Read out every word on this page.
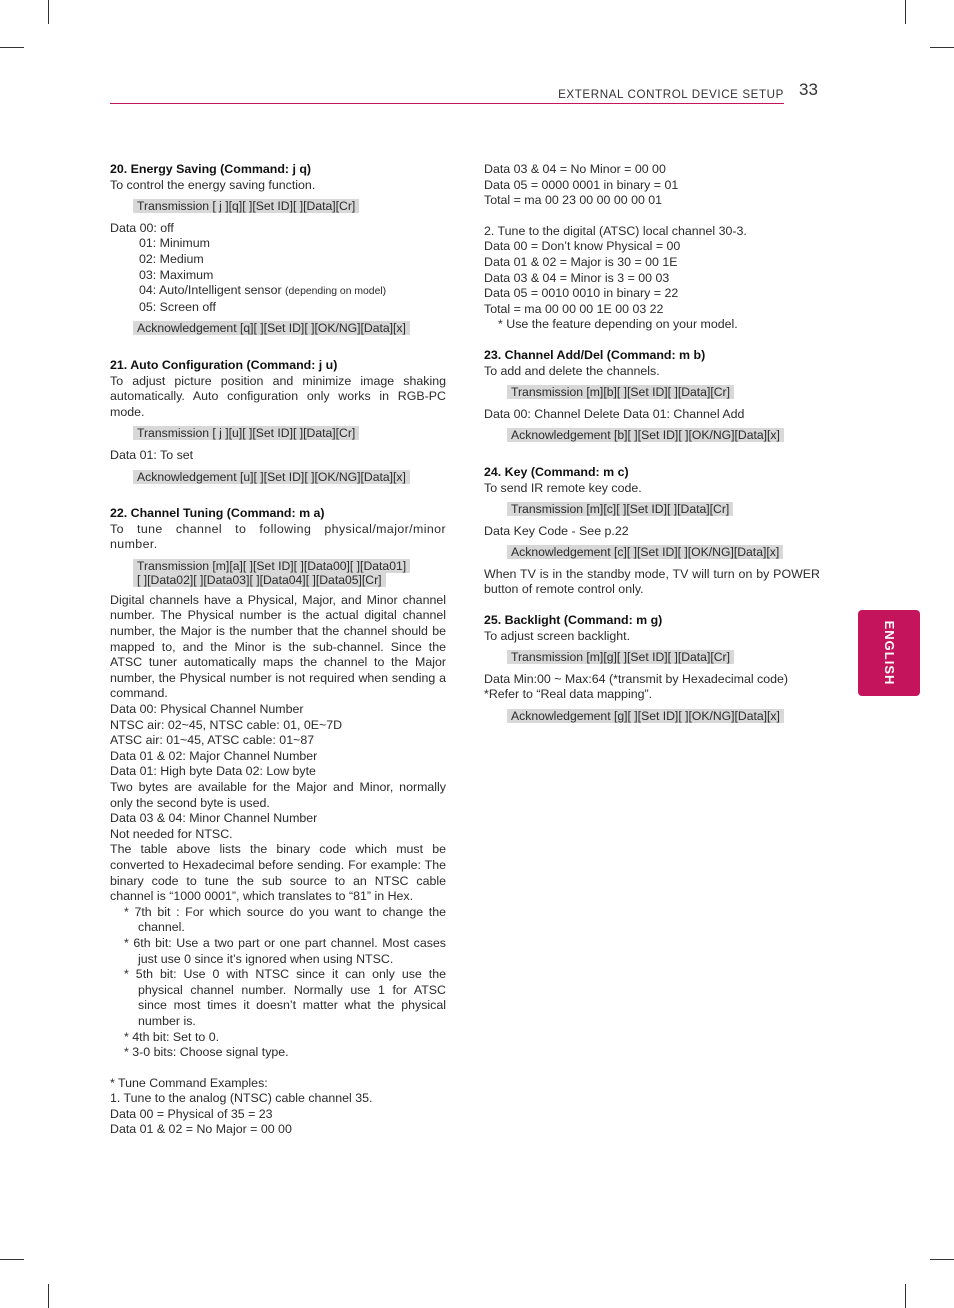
EXTERNAL CONTROL DEVICE SETUP 33
ENGLISH

20. Energy Saving (Command: j q)

To control the energy saving function.

Transmission [ j ][q][ ][Set ID][ ][Data][Cr]

Data 00: off

01: Minimum

02: Medium

03: Maximum

04: Auto/Intelligent sensor (depending on model)

05: Screen off

Acknowledgement [q][ ][Set ID][ ][OK/NG][Data][x]

21. Auto Configuration (Command: j u)

To adjust picture position and minimize image shaking automatically. Auto configuration only works in RGB-PC mode.

Transmission [ j ][u][ ][Set ID][ ][Data][Cr]

Data 01: To set

Acknowledgement [u][ ][Set ID][ ][OK/NG][Data][x]

22. Channel Tuning (Command: m a)

To tune channel to following physical/major/minor number.

Transmission [m][a][ ][Set ID][ ][Data00][ ][Data01]
[ ][Data02][ ][Data03][ ][Data04][ ][Data05][Cr]

Digital channels have a Physical, Major, and Minor channel number. The Physical number is the actual digital channel number, the Major is the number that the channel should be mapped to, and the Minor is the sub-channel. Since the ATSC tuner automatically maps the channel to the Major number, the Physical number is not required when sending a command.

Data 00: Physical Channel Number

NTSC air: 02~45, NTSC cable: 01, 0E~7D

ATSC air: 01~45, ATSC cable: 01~87

Data 01 & 02: Major Channel Number

Data 01: High byte Data 02: Low byte

Two bytes are available for the Major and Minor, normally only the second byte is used.

Data 03 & 04: Minor Channel Number

Not needed for NTSC.

The table above lists the binary code which must be converted to Hexadecimal before sending. For example: The binary code to tune the sub source to an NTSC cable channel is “1000 0001”, which translates to “81” in Hex.

* 7th bit : For which source do you want to change the channel.

* 6th bit: Use a two part or one part channel. Most cases just use 0 since it’s ignored when using NTSC.

* 5th bit: Use 0 with NTSC since it can only use the physical channel number. Normally use 1 for ATSC since most times it doesn’t matter what the physical number is.

* 4th bit: Set to 0.

* 3-0 bits: Choose signal type.

* Tune Command Examples:

1. Tune to the analog (NTSC) cable channel 35.

Data 00 = Physical of 35 = 23

Data 01 & 02 = No Major = 00 00

Data 03 & 04 = No Minor = 00 00

Data 05 = 0000 0001 in binary = 01

Total = ma 00 23 00 00 00 00 01

2. Tune to the digital (ATSC) local channel 30-3.

Data 00 = Don’t know Physical = 00

Data 01 & 02 = Major is 30 = 00 1E

Data 03 & 04 = Minor is 3 = 00 03

Data 05 = 0010 0010 in binary = 22

Total = ma 00 00 00 1E 00 03 22

* Use the feature depending on your model.

23. Channel Add/Del (Command: m b)

To add and delete the channels.

Transmission [m][b][ ][Set ID][ ][Data][Cr]

Data 00: Channel Delete Data 01: Channel Add

Acknowledgement [b][ ][Set ID][ ][OK/NG][Data][x]

24. Key (Command: m c)

To send IR remote key code.

Transmission [m][c][ ][Set ID][ ][Data][Cr]

Data Key Code - See p.22

Acknowledgement [c][ ][Set ID][ ][OK/NG][Data][x]

When TV is in the standby mode, TV will turn on by POWER button of remote control only.

25. Backlight (Command: m g)

To adjust screen backlight.

Transmission [m][g][ ][Set ID][ ][Data][Cr]

Data Min:00 ~ Max:64 (*transmit by Hexadecimal code)

*Refer to “Real data mapping”.

Acknowledgement [g][ ][Set ID][ ][OK/NG][Data][x]
